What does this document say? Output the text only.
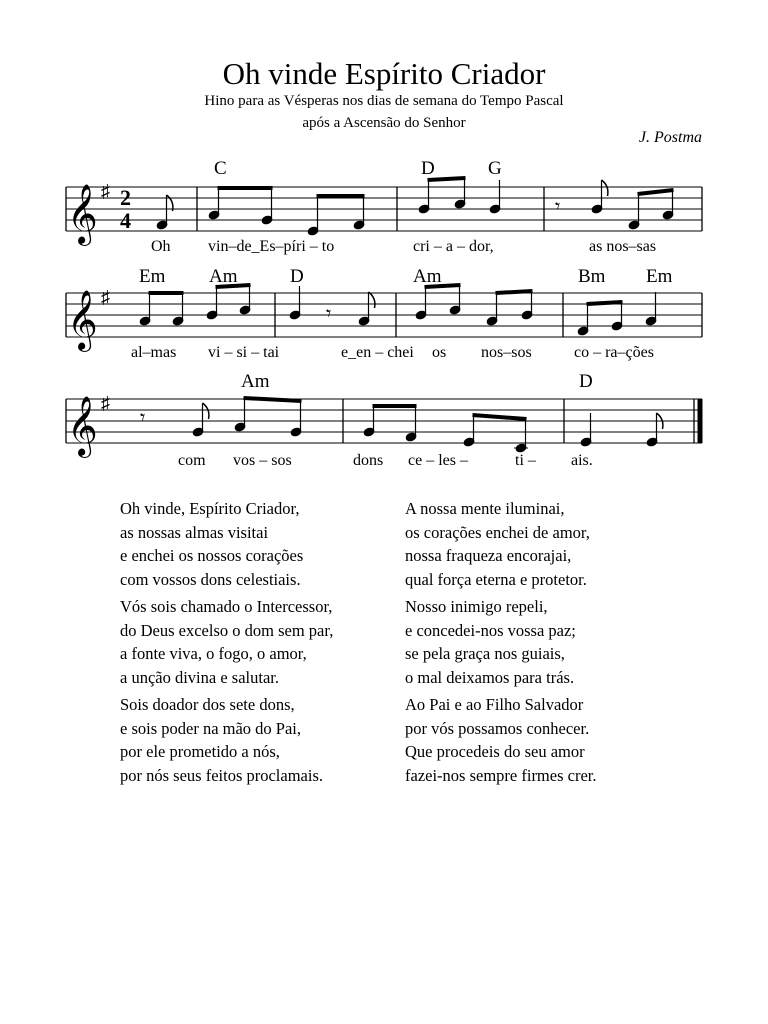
Oh vinde Espírito Criador
Hino para as Vésperas nos dias de semana do Tempo Pascal
após a Ascensão do Senhor
J. Postma
𝄞 ♯ 2
4
𝄾
C	D	G
Oh vin–de_Es–píri – to	cri – a – dor,	as nos–sas
𝄞 ♯
𝄾
Em Am	D	Am	Bm Em
al–mas vi – si – tai	e_en – chei os nos–sos	co – ra–ções
𝄞 ♯
𝄾
Am	D
com vos – sos	dons ce – les –	ti – ais.
Oh vinde, Espírito Criador,
as nossas almas visitai
e enchei os nossos corações
com vossos dons celestiais.
Vós sois chamado o Intercessor,
do Deus excelso o dom sem par,
a fonte viva, o fogo, o amor,
a unção divina e salutar.
Sois doador dos sete dons,
e sois poder na mão do Pai,
por ele prometido a nós,
por nós seus feitos proclamais.
A nossa mente iluminai,
os corações enchei de amor,
nossa fraqueza encorajai,
qual força eterna e protetor.
Nosso inimigo repeli,
e concedei-nos vossa paz;
se pela graça nos guiais,
o mal deixamos para trás.
Ao Pai e ao Filho Salvador
por vós possamos conhecer.
Que procedeis do seu amor
fazei-nos sempre firmes crer.
